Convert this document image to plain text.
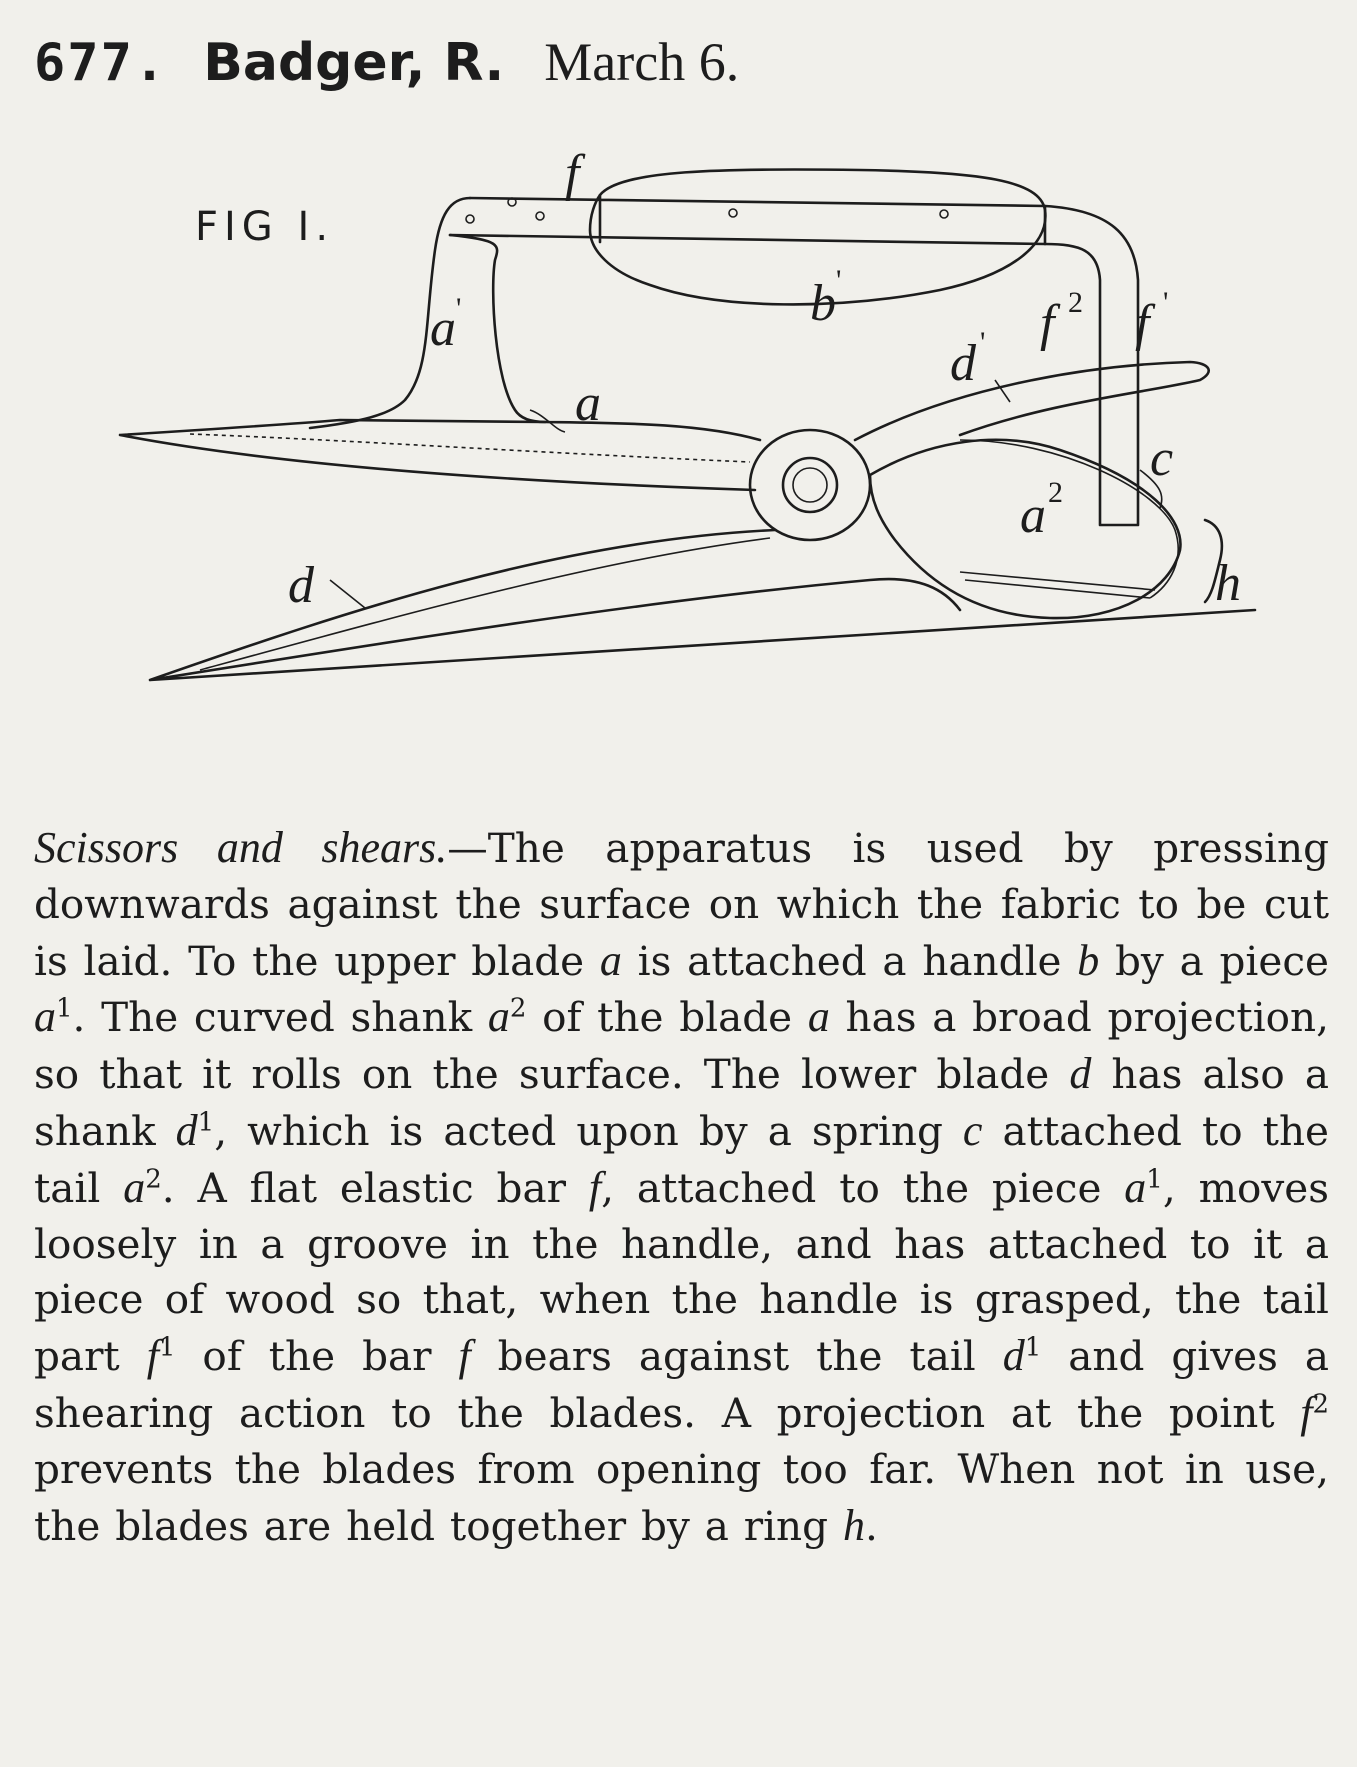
677. Badger, R. March 6.
FIG I.
f
b '
a '	f 2 f '
d '
a
c
a 2
d	h
Scissors and shears.—The apparatus is used by pressing downwards against the surface on which the fabric to be cut is laid. To the upper blade a is attached a handle b by a piece $a^1$. The curved shank $a^2$ of the blade a has a broad projection, so that it rolls on the surface. The lower blade d has also a shank $d^1$, which is acted upon by a spring c attached to the tail $a^2$. A flat elastic bar f, attached to the piece $a^1$, moves loosely in a groove in the handle, and has attached to it a piece of wood so that, when the handle is grasped, the tail part $f^1$ of the bar f bears against the tail $d^1$ and gives a shearing action to the blades. A projection at the point $f^2$ prevents the blades from opening too far. When not in use, the blades are held together by a ring h.
